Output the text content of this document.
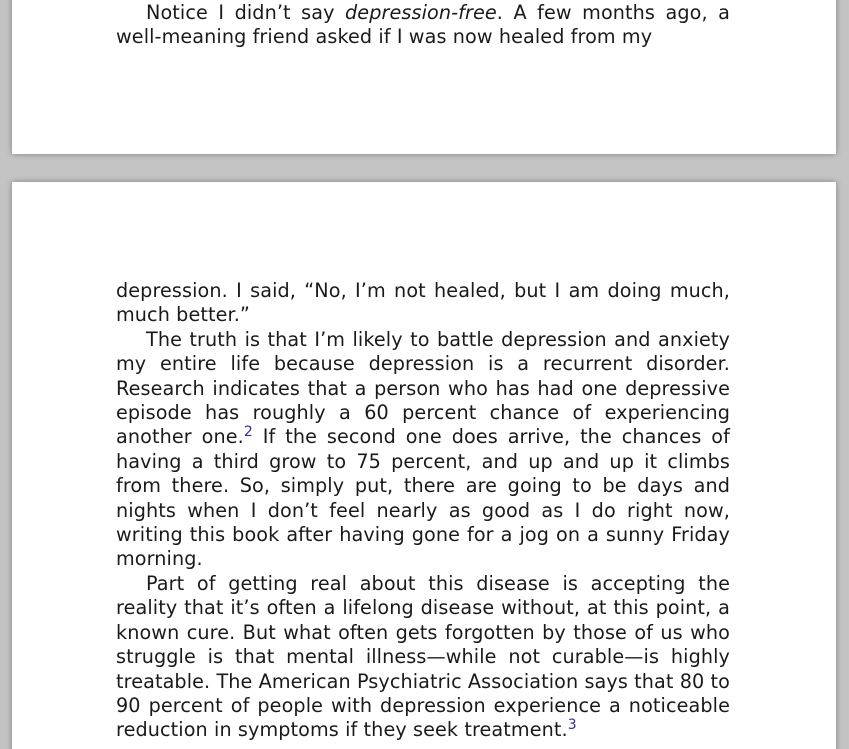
Notice I didn’t say depression-free. A few months ago, a well-meaning friend asked if I was now healed from my

depression. I said, “No, I’m not healed, but I am doing much, much better.”

The truth is that I’m likely to battle depression and anxiety my entire life because depression is a recurrent disorder. Research indicates that a person who has had one depressive episode has roughly a 60 percent chance of experiencing another one.$^2$ If the second one does arrive, the chances of having a third grow to 75 percent, and up and up it climbs from there. So, simply put, there are going to be days and nights when I don’t feel nearly as good as I do right now, writing this book after having gone for a jog on a sunny Friday morning.

Part of getting real about this disease is accepting the reality that it’s often a lifelong disease without, at this point, a known cure. But what often gets forgotten by those of us who struggle is that mental illness—while not curable—is highly treatable. The American Psychiatric Association says that 80 to 90 percent of people with depression experience a noticeable reduction in symptoms if they seek treatment.$^3$
